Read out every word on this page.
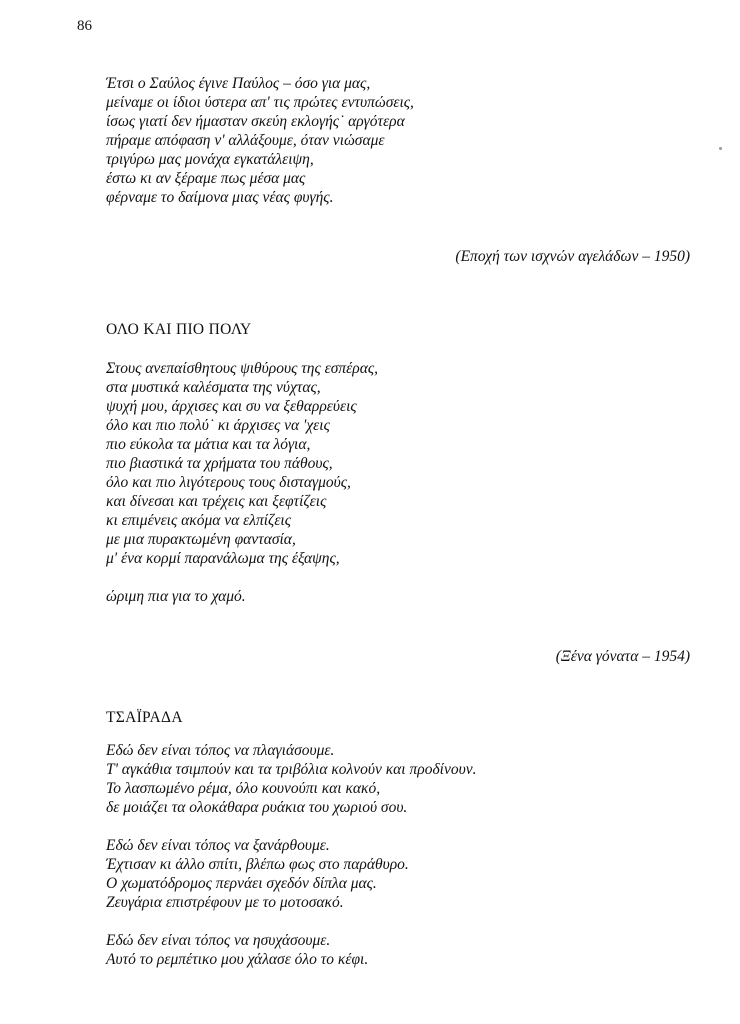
86
Έτσι ο Σαύλος έγινε Παύλος – όσο για μας,
μείναμε οι ίδιοι ύστερα απ' τις πρώτες εντυπώσεις,
ίσως γιατί δεν ήμασταν σκεύη εκλογής˙ αργότερα
πήραμε απόφαση ν' αλλάξουμε, όταν νιώσαμε
τριγύρω μας μονάχα εγκατάλειψη,
έστω κι αν ξέραμε πως μέσα μας
φέρναμε το δαίμονα μιας νέας φυγής.
(Εποχή των ισχνών αγελάδων – 1950)
ΟΛΟ ΚΑΙ ΠΙΟ ΠΟΛΥ
Στους ανεπαίσθητους ψιθύρους της εσπέρας,
στα μυστικά καλέσματα της νύχτας,
ψυχή μου, άρχισες και συ να ξεθαρρεύεις
όλο και πιο πολύ˙ κι άρχισες να 'χεις
πιο εύκολα τα μάτια και τα λόγια,
πιο βιαστικά τα χρήματα του πάθους,
όλο και πιο λιγότερους τους δισταγμούς,
και δίνεσαι και τρέχεις και ξεφτίζεις
κι επιμένεις ακόμα να ελπίζεις
με μια πυρακτωμένη φαντασία,
μ' ένα κορμί παρανάλωμα της έξαψης,
ώριμη πια για το χαμό.
(Ξένα γόνατα – 1954)
ΤΣΑΪΡΑΔΑ
Εδώ δεν είναι τόπος να πλαγιάσουμε.
Τ' αγκάθια τσιμπούν και τα τριβόλια κολνούν και προδίνουν.
Το λασπωμένο ρέμα, όλο κουνούπι και κακό,
δε μοιάζει τα ολοκάθαρα ρυάκια του χωριού σου.
Εδώ δεν είναι τόπος να ξανάρθουμε.
Έχτισαν κι άλλο σπίτι, βλέπω φως στο παράθυρο.
Ο χωματόδρομος περνάει σχεδόν δίπλα μας.
Ζευγάρια επιστρέφουν με το μοτοσακό.
Εδώ δεν είναι τόπος να ησυχάσουμε.
Αυτό το ρεμπέτικο μου χάλασε όλο το κέφι.
